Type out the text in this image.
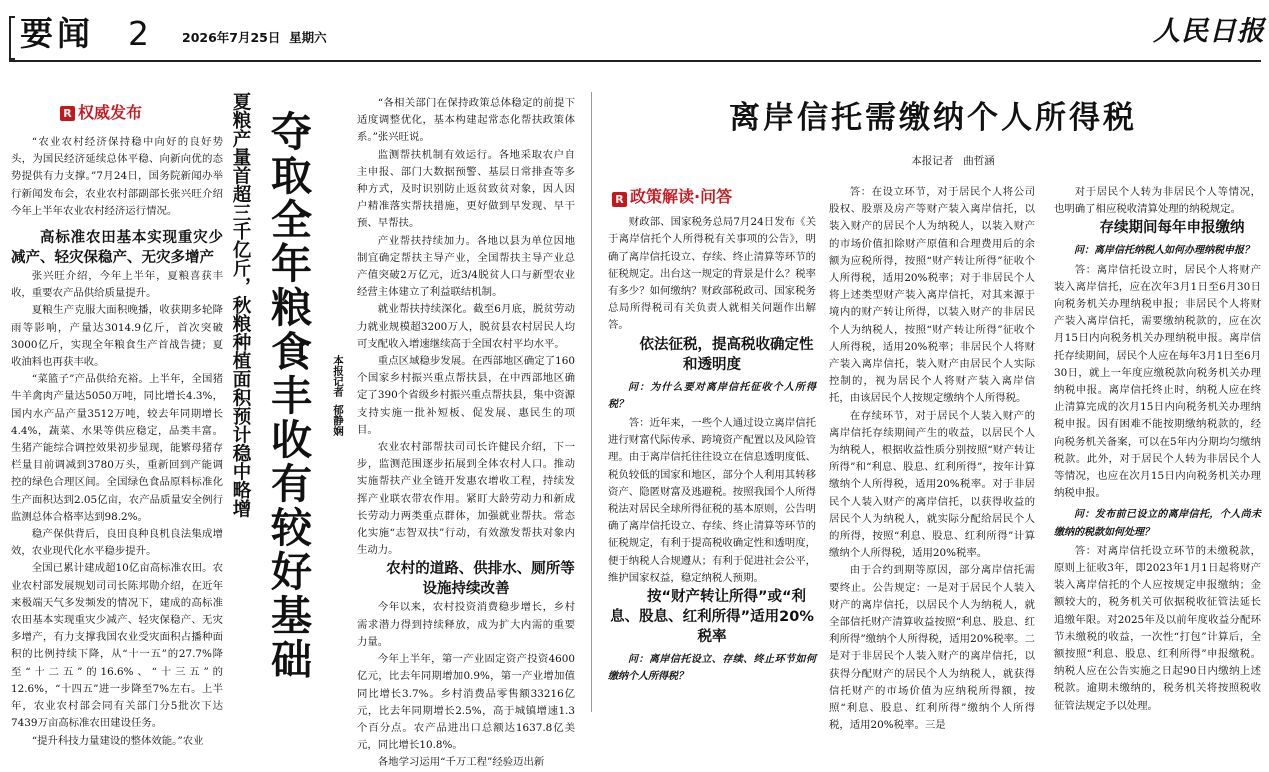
要闻 2	2026年7月25日  星期六	人民日报
R 权威发布

“农业农村经济保持稳中向好的良好势头，为国民经济延续总体平稳、向新向优的态势提供有力支撑。”7月24日，国务院新闻办举行新闻发布会，农业农村部副部长张兴旺介绍今年上半年农业农村经济运行情况。

高标准农田基本实现重灾少减产、轻灾保稳产、无灾多增产

张兴旺介绍，今年上半年，夏粮喜获丰收，重要农产品供给质量提升。

夏粮生产克服大面积晚播，收获期多轮降雨等影响，产量达3014.9亿斤，首次突破3000亿斤，实现全年粮食生产首战告捷；夏收油料也再获丰收。

“菜篮子”产品供给充裕。上半年，全国猪牛羊禽肉产量达5050万吨，同比增长4.3%，国内水产品产量3512万吨，较去年同期增长4.4%，蔬菜、水果等供应稳定，品类丰富。生猪产能综合调控效果初步显现，能繁母猪存栏量目前调减到3780万头，重新回到产能调控的绿色合理区间。全国绿色食品原料标准化生产面积达到2.05亿亩，农产品质量安全例行监测总体合格率达到98.2%。

稳产保供背后，良田良种良机良法集成增效，农业现代化水平稳步提升。

全国已累计建成超10亿亩高标准农田。农业农村部发展规划司司长陈邦勋介绍，在近年来极端天气多发频发的情况下，建成的高标准农田基本实现重灾少减产、轻灾保稳产、无灾多增产，有力支撑我国农业受灾面积占播种面积的比例持续下降，从“十一五”的27.7%降至“十二五”的16.6%、“十三五”的12.6%，“十四五”进一步降至7%左右。上半年，农业农村部会同有关部门分5批次下达7439万亩高标准农田建设任务。

“提升科技力量建设的整体效能。”农业

夏粮产量首超三千亿斤，秋粮种植面积预计稳中略增 夺取全年粮食丰收有较好基础 本报记者  郁静娴

“各相关部门在保持政策总体稳定的前提下适度调整优化，基本构建起常态化帮扶政策体系。”张兴旺说。

监测帮扶机制有效运行。各地采取农户自主申报、部门大数据预警、基层日常排查等多种方式，及时识别防止返贫致贫对象，因人因户精准落实帮扶措施，更好做到早发现、早干预、早帮扶。

产业帮扶持续加力。各地以县为单位因地制宜确定帮扶主导产业，全国帮扶主导产业总产值突破2万亿元，近3/4脱贫人口与新型农业经营主体建立了利益联结机制。

就业帮扶持续深化。截至6月底，脱贫劳动力就业规模超3200万人，脱贫县农村居民人均可支配收入增速继续高于全国农村平均水平。

重点区域稳步发展。在西部地区确定了160个国家乡村振兴重点帮扶县，在中西部地区确定了390个省级乡村振兴重点帮扶县，集中资源支持实施一批补短板、促发展、惠民生的项目。

农业农村部帮扶司司长许健民介绍，下一步，监测范围逐步拓展到全体农村人口。推动实施帮扶产业全链开发惠农增收工程，持续发挥产业联农带农作用。紧盯大龄劳动力和新成长劳动力两类重点群体，加强就业帮扶。常态化实施“志智双扶”行动，有效激发帮扶对象内生动力。

农村的道路、供排水、厕所等设施持续改善

今年以来，农村投资消费稳步增长，乡村需求潜力得到持续释放，成为扩大内需的重要力量。

今年上半年，第一产业固定资产投资4600亿元，比去年同期增加0.9%，第一产业增加值同比增长3.7%。乡村消费品零售额33216亿元，比去年同期增长2.5%，高于城镇增速1.3个百分点。农产品进出口总额达1637.8亿美元，同比增长10.8%。

各地学习运用“千万工程”经验迈出新

离岸信托需缴纳个人所得税
本报记者   曲哲涵
R 政策解读·问答

财政部、国家税务总局7月24日发布《关于离岸信托个人所得税有关事项的公告》，明确了离岸信托设立、存续、终止清算等环节的征税规定。出台这一规定的背景是什么？税率有多少？如何缴纳？财政部税政司、国家税务总局所得税司有关负责人就相关问题作出解答。

依法征税，提高税收确定性和透明度

问：为什么要对离岸信托征收个人所得税？

答：近年来，一些个人通过设立离岸信托进行财富代际传承、跨境资产配置以及风险管理。由于离岸信托往往设立在信息透明度低、税负较低的国家和地区，部分个人利用其转移资产、隐匿财富及逃避税。按照我国个人所得税法对居民全球所得征税的基本原则，公告明确了离岸信托设立、存续、终止清算等环节的征税规定，有利于提高税收确定性和透明度，便于纳税人合规遵从；有利于促进社会公平，维护国家权益，稳定纳税人预期。

按“财产转让所得”或“利息、股息、红利所得”适用20%税率

问：离岸信托设立、存续、终止环节如何缴纳个人所得税？

答：在设立环节，对于居民个人将公司股权、股票及房产等财产装入离岸信托，以装入财产的居民个人为纳税人，以装入财产的市场价值扣除财产原值和合理费用后的余额为应税所得，按照“财产转让所得”征收个人所得税，适用20%税率；对于非居民个人将上述类型财产装入离岸信托，对其来源于境内的财产转让所得，以装入财产的非居民个人为纳税人，按照“财产转让所得”征收个人所得税，适用20%税率；非居民个人将财产装入离岸信托，装入财产由居民个人实际控制的，视为居民个人将财产装入离岸信托，由该居民个人按规定缴纳个人所得税。

在存续环节，对于居民个人装入财产的离岸信托存续期间产生的收益，以居民个人为纳税人，根据收益性质分别按照“财产转让所得”和“利息、股息、红利所得”，按年计算缴纳个人所得税，适用20%税率。对于非居民个人装入财产的离岸信托，以获得收益的居民个人为纳税人，就实际分配给居民个人的所得，按照“利息、股息、红利所得”计算缴纳个人所得税，适用20%税率。

由于合约到期等原因，部分离岸信托需要终止。公告规定：一是对于居民个人装入财产的离岸信托，以居民个人为纳税人，就全部信托财产清算收益按照“利息、股息、红利所得”缴纳个人所得税，适用20%税率。二是对于非居民个人装入财产的离岸信托，以获得分配财产的居民个人为纳税人，就获得信托财产的市场价值为应纳税所得额，按照“利息、股息、红利所得”缴纳个人所得税，适用20%税率。三是

对于居民个人转为非居民个人等情况，也明确了相应税收清算处理的纳税规定。

存续期间每年申报缴纳

问：离岸信托纳税人如何办理纳税申报？

答：离岸信托设立时，居民个人将财产装入离岸信托，应在次年3月1日至6月30日向税务机关办理纳税申报；非居民个人将财产装入离岸信托，需要缴纳税款的，应在次月15日内向税务机关办理纳税申报。离岸信托存续期间，居民个人应在每年3月1日至6月30日，就上一年度应缴税款向税务机关办理纳税申报。离岸信托终止时，纳税人应在终止清算完成的次月15日内向税务机关办理纳税申报。因有困难不能按期缴纳税款的，经向税务机关备案，可以在5年内分期均匀缴纳税款。此外，对于居民个人转为非居民个人等情况，也应在次月15日内向税务机关办理纳税申报。

问：发布前已设立的离岸信托，个人尚未缴纳的税款如何处理？

答：对离岸信托设立环节的未缴税款，原则上征收3年，即2023年1月1日起将财产装入离岸信托的个人应按规定申报缴纳；金额较大的，税务机关可依据税收征管法延长追缴年限。对2025年及以前年度收益分配环节未缴税的收益，一次性“打包”计算后，全额按照“利息、股息、红利所得”申报缴税。纳税人应在公告实施之日起90日内缴纳上述税款。逾期未缴纳的，税务机关将按照税收征管法规定予以处理。
